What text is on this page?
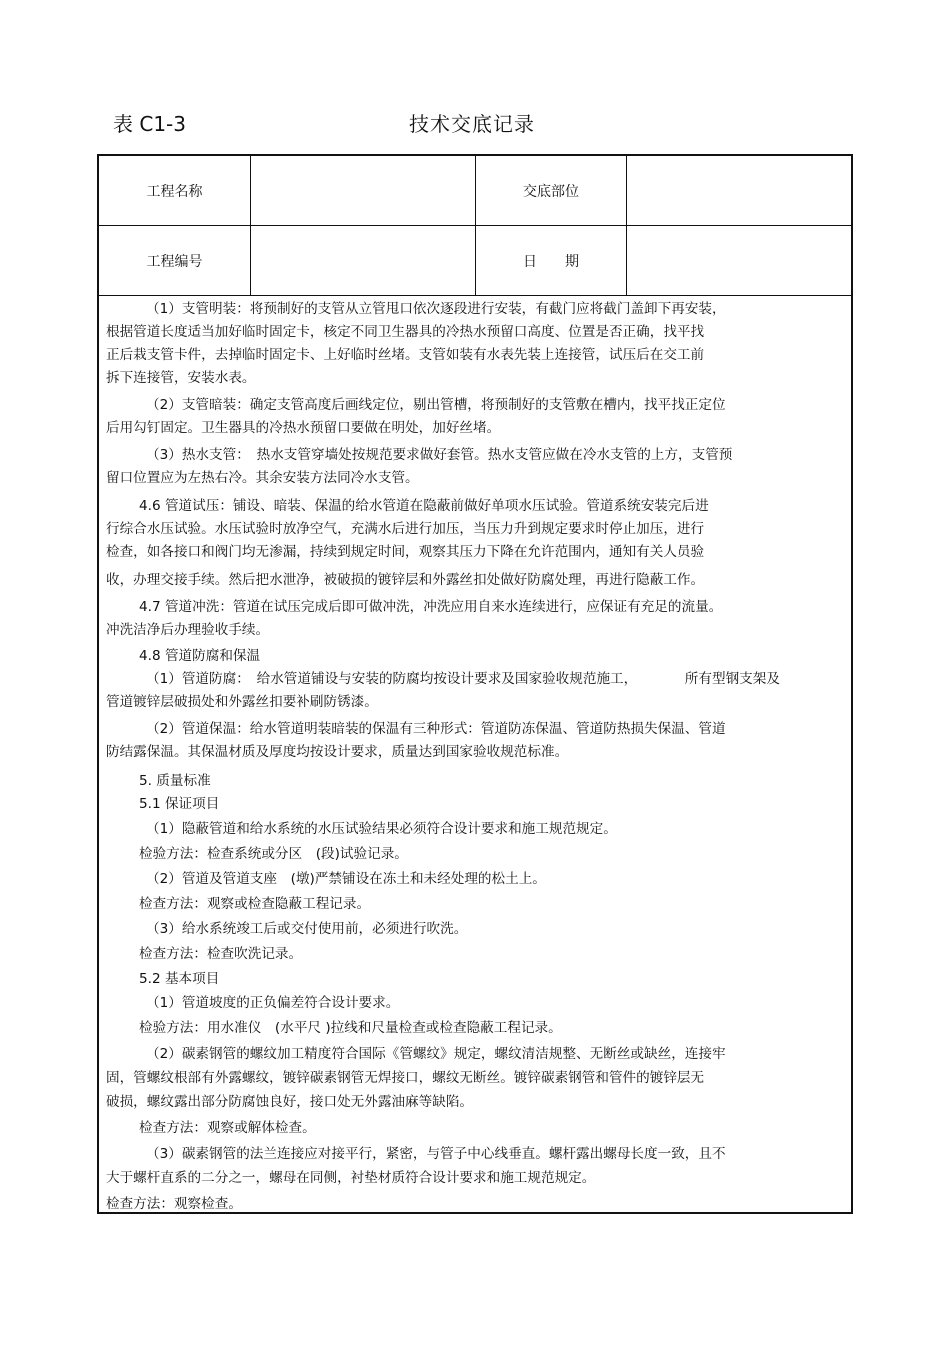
表 C1-3	技术交底记录
工程名称	交底部位
工程编号	日　　期
（1）支管明装：将预制好的支管从立管甩口依次逐段进行安装，有截门应将截门盖卸下再安装，
根据管道长度适当加好临时固定卡，核定不同卫生器具的冷热水预留口高度、位置是否正确，找平找
正后栽支管卡件，去掉临时固定卡、上好临时丝堵。支管如装有水表先装上连接管，试压后在交工前
拆下连接管，安装水表。
（2）支管暗装：确定支管高度后画线定位，剔出管槽，将预制好的支管敷在槽内，找平找正定位
后用勾钉固定。卫生器具的冷热水预留口要做在明处，加好丝堵。
（3）热水支管：　热水支管穿墙处按规范要求做好套管。热水支管应做在冷水支管的上方，支管预
留口位置应为左热右冷。其余安装方法同冷水支管。
4.6 管道试压：铺设、暗装、保温的给水管道在隐蔽前做好单项水压试验。管道系统安装完后进
行综合水压试验。水压试验时放净空气，充满水后进行加压，当压力升到规定要求时停止加压，进行
检查，如各接口和阀门均无渗漏，持续到规定时间，观察其压力下降在允许范围内，通知有关人员验
收，办理交接手续。然后把水泄净，被破损的镀锌层和外露丝扣处做好防腐处理，再进行隐蔽工作。
4.7 管道冲洗：管道在试压完成后即可做冲洗，冲洗应用自来水连续进行，应保证有充足的流量。
冲洗洁净后办理验收手续。
4.8 管道防腐和保温
（1）管道防腐：　给水管道铺设与安装的防腐均按设计要求及国家验收规范施工，　　　　所有型钢支架及
管道镀锌层破损处和外露丝扣要补刷防锈漆。
（2）管道保温：给水管道明装暗装的保温有三种形式：管道防冻保温、管道防热损失保温、管道
防结露保温。其保温材质及厚度均按设计要求，质量达到国家验收规范标准。
5. 质量标准
5.1 保证项目
（1）隐蔽管道和给水系统的水压试验结果必须符合设计要求和施工规范规定。
检验方法：检查系统或分区　(段)试验记录。
（2）管道及管道支座　(墩)严禁铺设在冻土和未经处理的松土上。
检查方法：观察或检查隐蔽工程记录。
（3）给水系统竣工后或交付使用前，必须进行吹洗。
检查方法：检查吹洗记录。
5.2 基本项目
（1）管道坡度的正负偏差符合设计要求。
检验方法：用水准仪　(水平尺 )拉线和尺量检查或检查隐蔽工程记录。
（2）碳素钢管的螺纹加工精度符合国际《管螺纹》规定，螺纹清洁规整、无断丝或缺丝，连接牢
固，管螺纹根部有外露螺纹，镀锌碳素钢管无焊接口，螺纹无断丝。镀锌碳素钢管和管件的镀锌层无
破损，螺纹露出部分防腐蚀良好，接口处无外露油麻等缺陷。
检查方法：观察或解体检查。
（3）碳素钢管的法兰连接应对接平行，紧密，与管子中心线垂直。螺杆露出螺母长度一致，且不
大于螺杆直系的二分之一，螺母在同侧，衬垫材质符合设计要求和施工规范规定。
检查方法：观察检查。
